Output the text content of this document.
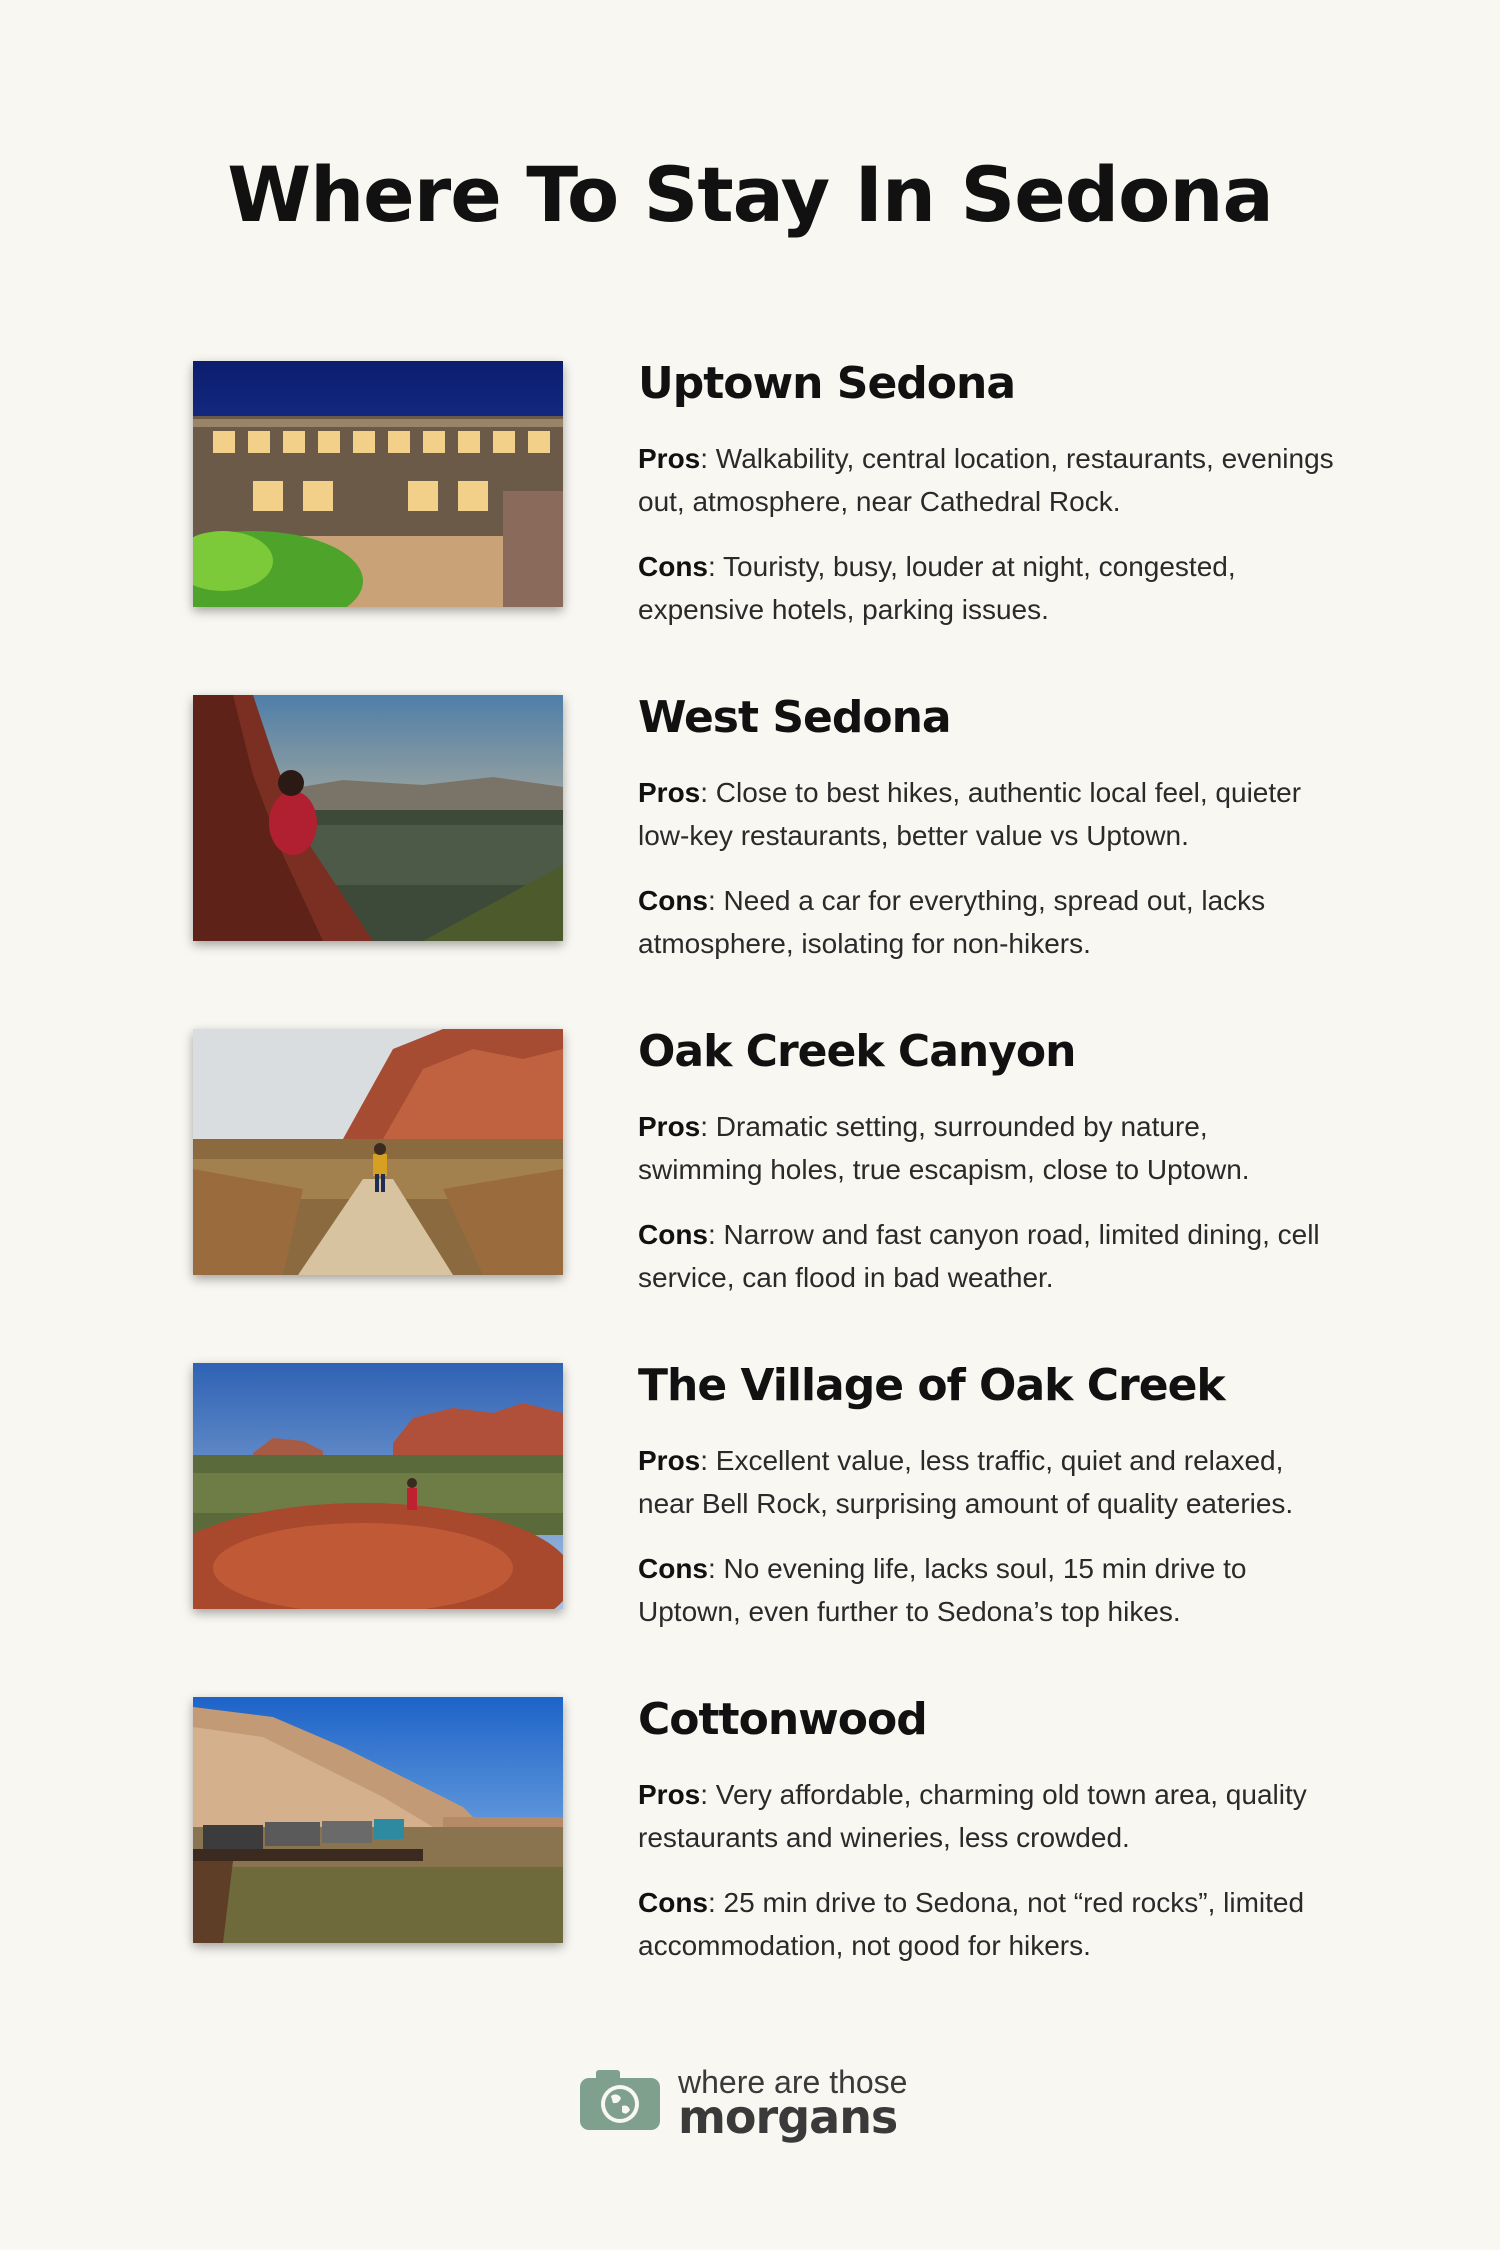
Where To Stay In Sedona
Uptown Sedona

Pros: Walkability, central location, restaurants, evenings out, atmosphere, near Cathedral Rock.

Cons: Touristy, busy, louder at night, congested, expensive hotels, parking issues.

West Sedona

Pros: Close to best hikes, authentic local feel, quieter low-key restaurants, better value vs Uptown.

Cons: Need a car for everything, spread out, lacks atmosphere, isolating for non-hikers.

Oak Creek Canyon

Pros: Dramatic setting, surrounded by nature, swimming holes, true escapism, close to Uptown.

Cons: Narrow and fast canyon road, limited dining, cell service, can flood in bad weather.

The Village of Oak Creek

Pros: Excellent value, less traffic, quiet and relaxed, near Bell Rock, surprising amount of quality eateries.

Cons: No evening life, lacks soul, 15 min drive to Uptown, even further to Sedona’s top hikes.

Cottonwood

Pros: Very affordable, charming old town area, quality restaurants and wineries, less crowded.

Cons: 25 min drive to Sedona, not “red rocks”, limited accommodation, not good for hikers.

where are those
morgans
